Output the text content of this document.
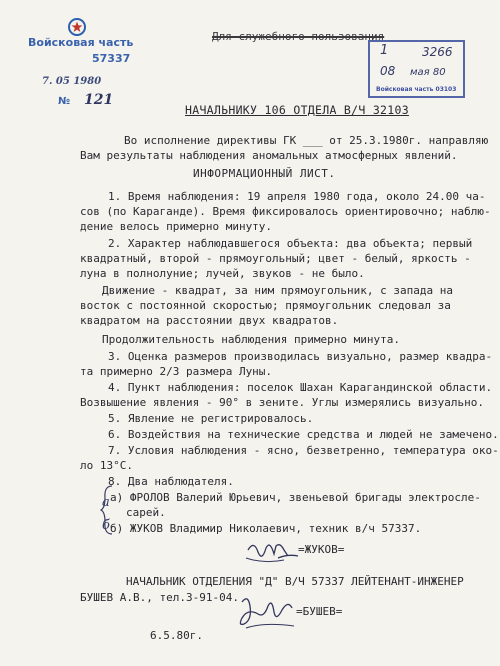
Войсковая часть
57337
7. 05 1980
№ 121
Для служебного пользования
1	3266
08 мая 80
Войсковая часть 03103
НАЧАЛЬНИКУ 106 ОТДЕЛА В/Ч 32103
Во исполнение директивы ГК ___ от 25.3.1980г. направляю
Вам результаты наблюдения аномальных атмосферных явлений.
ИНФОРМАЦИОННЫЙ ЛИСТ.
1. Время наблюдения: 19 апреля 1980 года, около 24.00 ча-
сов (по Караганде). Время фиксировалось ориентировочно; наблю-
дение велось примерно минуту.
2. Характер наблюдавшегося объекта: два объекта; первый
квадратный, второй - прямоугольный; цвет - белый, яркость -
луна в полнолуние; лучей, звуков - не было.
Движение - квадрат, за ним прямоугольник, с запада на
восток с постоянной скоростью; прямоугольник следовал за
квадратом на расстоянии двух квадратов.
Продолжительность наблюдения примерно минута.
3. Оценка размеров производилась визуально, размер квадра-
та примерно 2/3 размера Луны.
4. Пункт наблюдения: поселок Шахан Карагандинской области.
Возвышение явления - 90° в зените. Углы измерялись визуально.
5. Явление не регистрировалось.
6. Воздействия на технические средства и людей не замечено.
7. Условия наблюдения - ясно, безветренно, температура око-
ло 13°С.
8. Два наблюдателя.
а) ФРОЛОВ Валерий Юрьевич, звеньевой бригады электросле-
сарей.
б) ЖУКОВ Владимир Николаевич, техник в/ч 57337.
а
б
=ЖУКОВ=
НАЧАЛЬНИК ОТДЕЛЕНИЯ "Д" В/Ч 57337 ЛЕЙТЕНАНТ-ИНЖЕНЕР
БУШЕВ А.В., тел.3-91-04.
=БУШЕВ=
6.5.80г.
